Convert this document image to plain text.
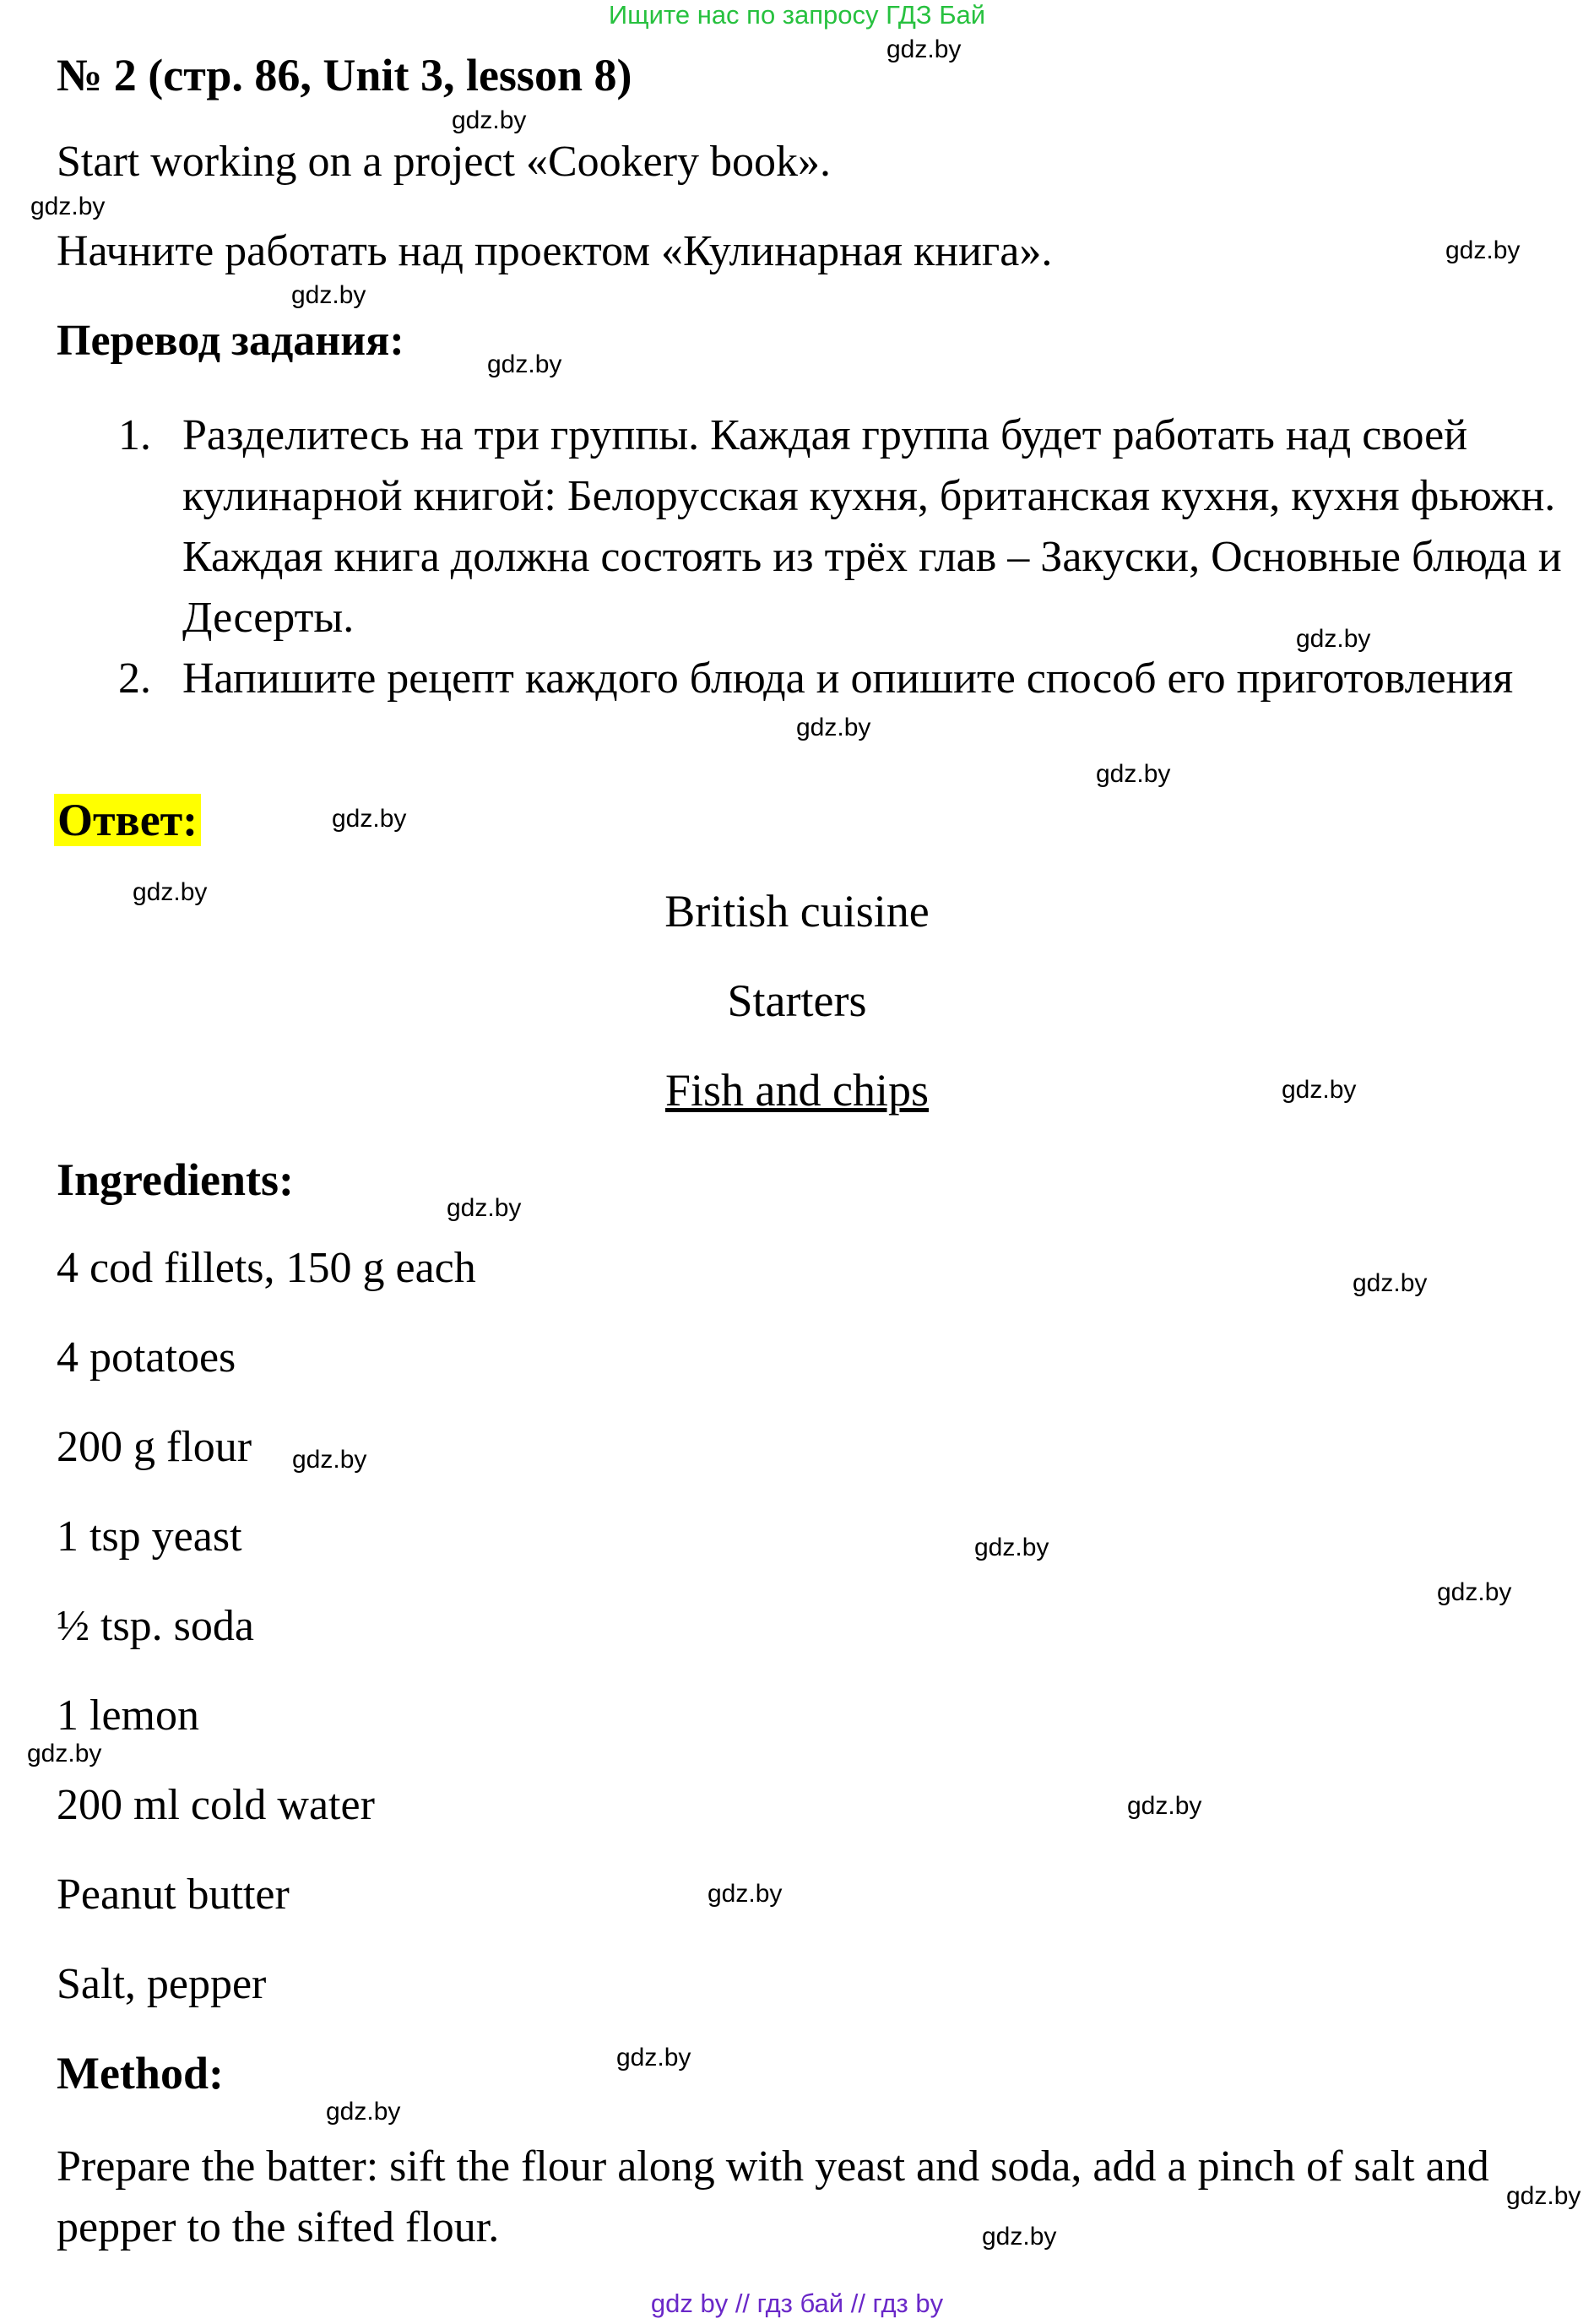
Ищите нас по запросу ГДЗ Бай
№ 2 (стр. 86, Unit 3, lesson 8)
Start working on a project «Cookery book».
Начните работать над проектом «Кулинарная книга».
Перевод задания:
1. Разделитесь на три группы. Каждая группа будет работать над своей кулинарной книгой: Белорусская кухня, британская кухня, кухня фьюжн. Каждая книга должна состоять из трёх глав – Закуски, Основные блюда и Десерты.
2. Напишите рецепт каждого блюда и опишите способ его приготовления
Ответ:
British cuisine
Starters
Fish and chips
Ingredients:
4 cod fillets, 150 g each
4 potatoes
200 g flour
1 tsp yeast
½ tsp. soda
1 lemon
200 ml cold water
Peanut butter
Salt, pepper
Method:
Prepare the batter: sift the flour along with yeast and soda, add a pinch of salt and pepper to the sifted flour.
gdz.by
gdz.by
gdz.by
gdz.by
gdz.by
gdz.by
gdz.by
gdz.by
gdz.by
gdz.by
gdz.by
gdz.by
gdz.by
gdz.by
gdz.by
gdz.by
gdz.by
gdz.by
gdz.by
gdz.by
gdz.by
gdz.by
gdz.by
gdz.by
gdz by // гдз бай // гдз by
